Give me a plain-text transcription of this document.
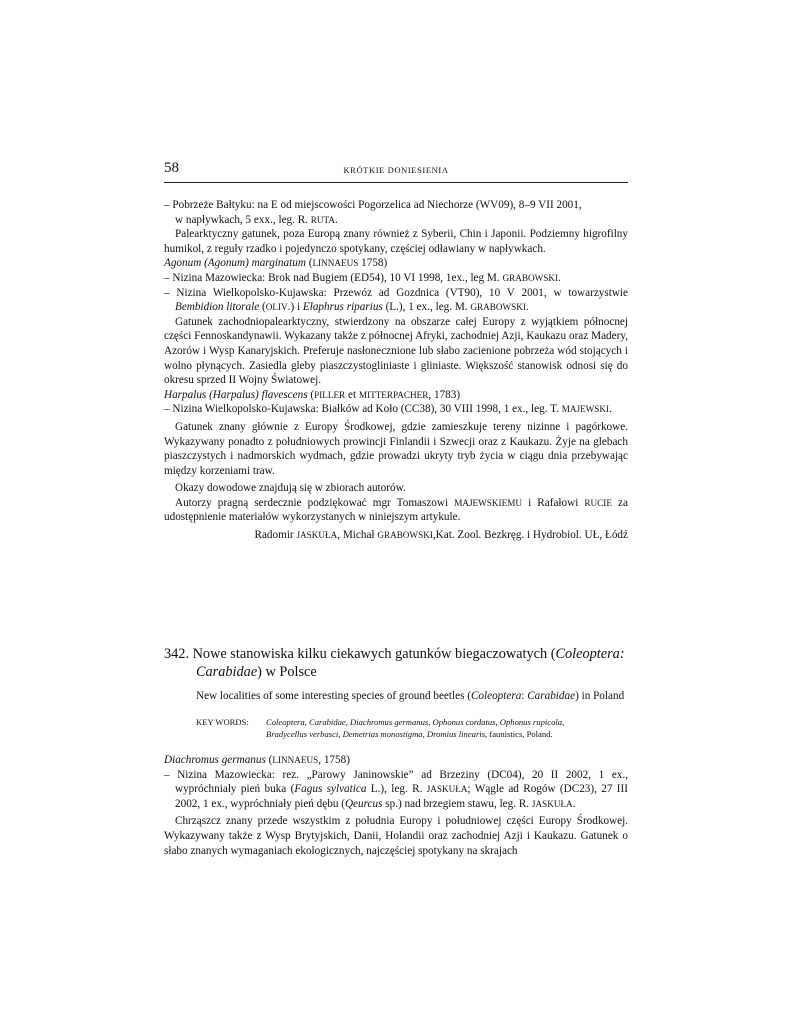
58	KRÓTKIE DONIESIENIA

– Pobrzeże Bałtyku: na E od miejscowości Pogorzelica ad Niechorze (WV09), 8–9 VII 2001,
w napływkach, 5 exx., leg. R. RUTA.

Palearktyczny gatunek, poza Europą znany również z Syberii, Chin i Japonii. Podziemny higrofilny humikol, z reguły rzadko i pojedynczo spotykany, częściej odławiany w napływkach.

Agonum (Agonum) marginatum (LINNAEUS 1758)

– Nizina Mazowiecka: Brok nad Bugiem (ED54), 10 VI 1998, 1ex., leg M. GRABOWSKI.

– Nizina Wielkopolsko-Kujawska: Przewóz ad Gozdnica (VT90), 10 V 2001, w towarzystwie Bembidion litorale (OLIV.) i Elaphrus riparius (L.), 1 ex., leg. M. GRABOWSKI.

Gatunek zachodniopalearktyczny, stwierdzony na obszarze całej Europy z wyjątkiem północnej części Fennoskandynawii. Wykazany także z północnej Afryki, zachodniej Azji, Kaukazu oraz Madery, Azorów i Wysp Kanaryjskich. Preferuje nasłonecznione lub słabo zacienione pobrzeża wód stojących i wolno płynących. Zasiedla gleby piaszczystogliniaste i gliniaste. Większość stanowisk odnosi się do okresu sprzed II Wojny Światowej.

Harpalus (Harpalus) flavescens (PILLER et MITTERPACHER, 1783)

– Nizina Wielkopolsko-Kujawska: Białków ad Koło (CC38), 30 VIII 1998, 1 ex., leg. T. MAJEWSKI.

Gatunek znany głównie z Europy Środkowej, gdzie zamieszkuje tereny nizinne i pagórkowe. Wykazywany ponadto z południowych prowincji Finlandii i Szwecji oraz z Kaukazu. Żyje na glebach piaszczystych i nadmorskich wydmach, gdzie prowadzi ukryty tryb życia w ciągu dnia przebywając między korzeniami traw.

Okazy dowodowe znajdują się w zbiorach autorów.

Autorzy pragną serdecznie podziękować mgr Tomaszowi MAJEWSKIEMU i Rafałowi RUCIE za udostępnienie materiałów wykorzystanych w niniejszym artykule.

Radomir JASKUŁA, Michał GRABOWSKI,Kat. Zool. Bezkręg. i Hydrobiol. UŁ, Łódź

342. Nowe stanowiska kilku ciekawych gatunków biegaczowatych (Coleoptera: Carabidae) w Polsce

New localities of some interesting species of ground beetles (Coleoptera: Carabidae) in Poland

KEY WORDS: Coleoptera, Carabidae, Diachromus germanus, Ophonus cordatus, Ophonus rupicola,
Bradycellus verbasci, Demetrias monostigma, Dromius linearis, faunistics, Poland.

Diachromus germanus (LINNAEUS, 1758)

– Nizina Mazowiecka: rez. „Parowy Janinowskie” ad Brzeziny (DC04), 20 II 2002, 1 ex., wypróchniały pień buka (Fagus sylvatica L.), leg. R. JASKUŁA; Wągle ad Rogów (DC23), 27 III 2002, 1 ex., wypróchniały pień dębu (Qeurcus sp.) nad brzegiem stawu, leg. R. JASKUŁA.

Chrząszcz znany przede wszystkim z południa Europy i południowej części Europy Środkowej. Wykazywany także z Wysp Brytyjskich, Danii, Holandii oraz zachodniej Azji i Kaukazu. Gatunek o słabo znanych wymaganiach ekologicznych, najczęściej spotykany na skrajach
